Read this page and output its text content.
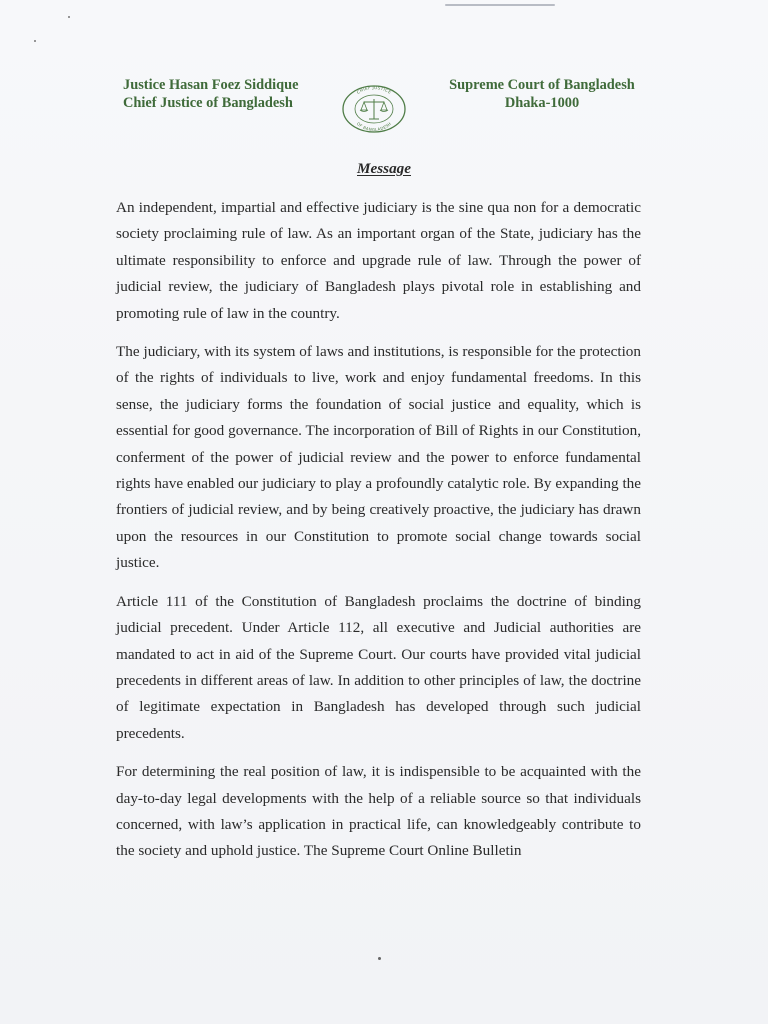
Justice Hasan Foez Siddique
Chief Justice of Bangladesh
CHIEF JUSTICE
OF BANGLADESH
Supreme Court of Bangladesh
Dhaka-1000
Message

An independent, impartial and effective judiciary is the sine qua non for a democratic society proclaiming rule of law. As an important organ of the State, judiciary has the ultimate responsibility to enforce and upgrade rule of law. Through the power of judicial review, the judiciary of Bangladesh plays pivotal role in establishing and promoting rule of law in the country.

The judiciary, with its system of laws and institutions, is responsible for the protection of the rights of individuals to live, work and enjoy fundamental freedoms. In this sense, the judiciary forms the foundation of social justice and equality, which is essential for good governance. The incorporation of Bill of Rights in our Constitution, conferment of the power of judicial review and the power to enforce fundamental rights have enabled our judiciary to play a profoundly catalytic role. By expanding the frontiers of judicial review, and by being creatively proactive, the judiciary has drawn upon the resources in our Constitution to promote social change towards social justice.

Article 111 of the Constitution of Bangladesh proclaims the doctrine of binding judicial precedent. Under Article 112, all executive and Judicial authorities are mandated to act in aid of the Supreme Court. Our courts have provided vital judicial precedents in different areas of law. In addition to other principles of law, the doctrine of legitimate expectation in Bangladesh has developed through such judicial precedents.

For determining the real position of law, it is indispensible to be acquainted with the day-to-day legal developments with the help of a reliable source so that individuals concerned, with law’s application in practical life, can knowledgeably contribute to the society and uphold justice. The Supreme Court Online Bulletin
